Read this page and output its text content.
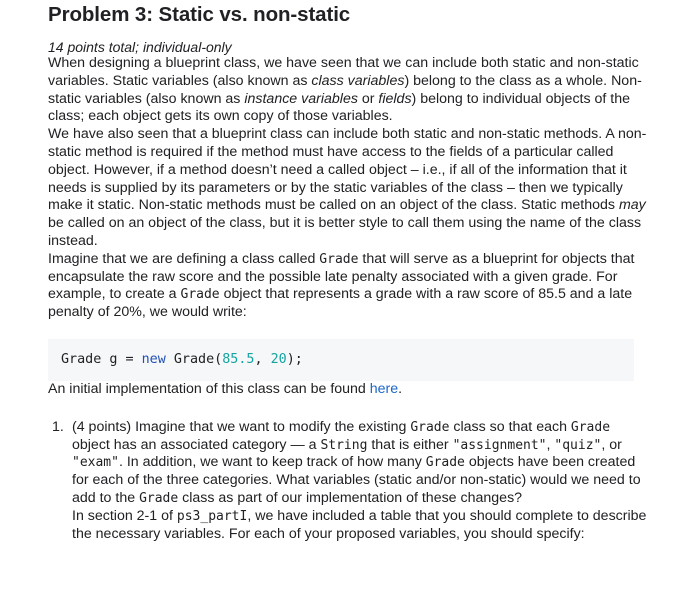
Problem 3: Static vs. non-static
14 points total; individual-only

When designing a blueprint class, we have seen that we can include both static and non-static variables. Static variables (also known as class variables) belong to the class as a whole. Non-static variables (also known as instance variables or fields) belong to individual objects of the class; each object gets its own copy of those variables.

We have also seen that a blueprint class can include both static and non-static methods. A non-static method is required if the method must have access to the fields of a particular called object. However, if a method doesn’t need a called object – i.e., if all of the information that it needs is supplied by its parameters or by the static variables of the class – then we typically make it static. Non-static methods must be called on an object of the class. Static methods may be called on an object of the class, but it is better style to call them using the name of the class instead.

Imagine that we are defining a class called Grade that will serve as a blueprint for objects that encapsulate the raw score and the possible late penalty associated with a given grade. For example, to create a Grade object that represents a grade with a raw score of 85.5 and a late penalty of 20%, we would write:

Grade g = new Grade(85.5, 20);

An initial implementation of this class can be found here.

1. (4 points) Imagine that we want to modify the existing Grade class so that each Grade object has an associated category — a String that is either "assignment", "quiz", or "exam". In addition, we want to keep track of how many Grade objects have been created for each of the three categories. What variables (static and/or non-static) would we need to add to the Grade class as part of our implementation of these changes?

In section 2-1 of ps3_partI, we have included a table that you should complete to describe the necessary variables. For each of your proposed variables, you should specify:
